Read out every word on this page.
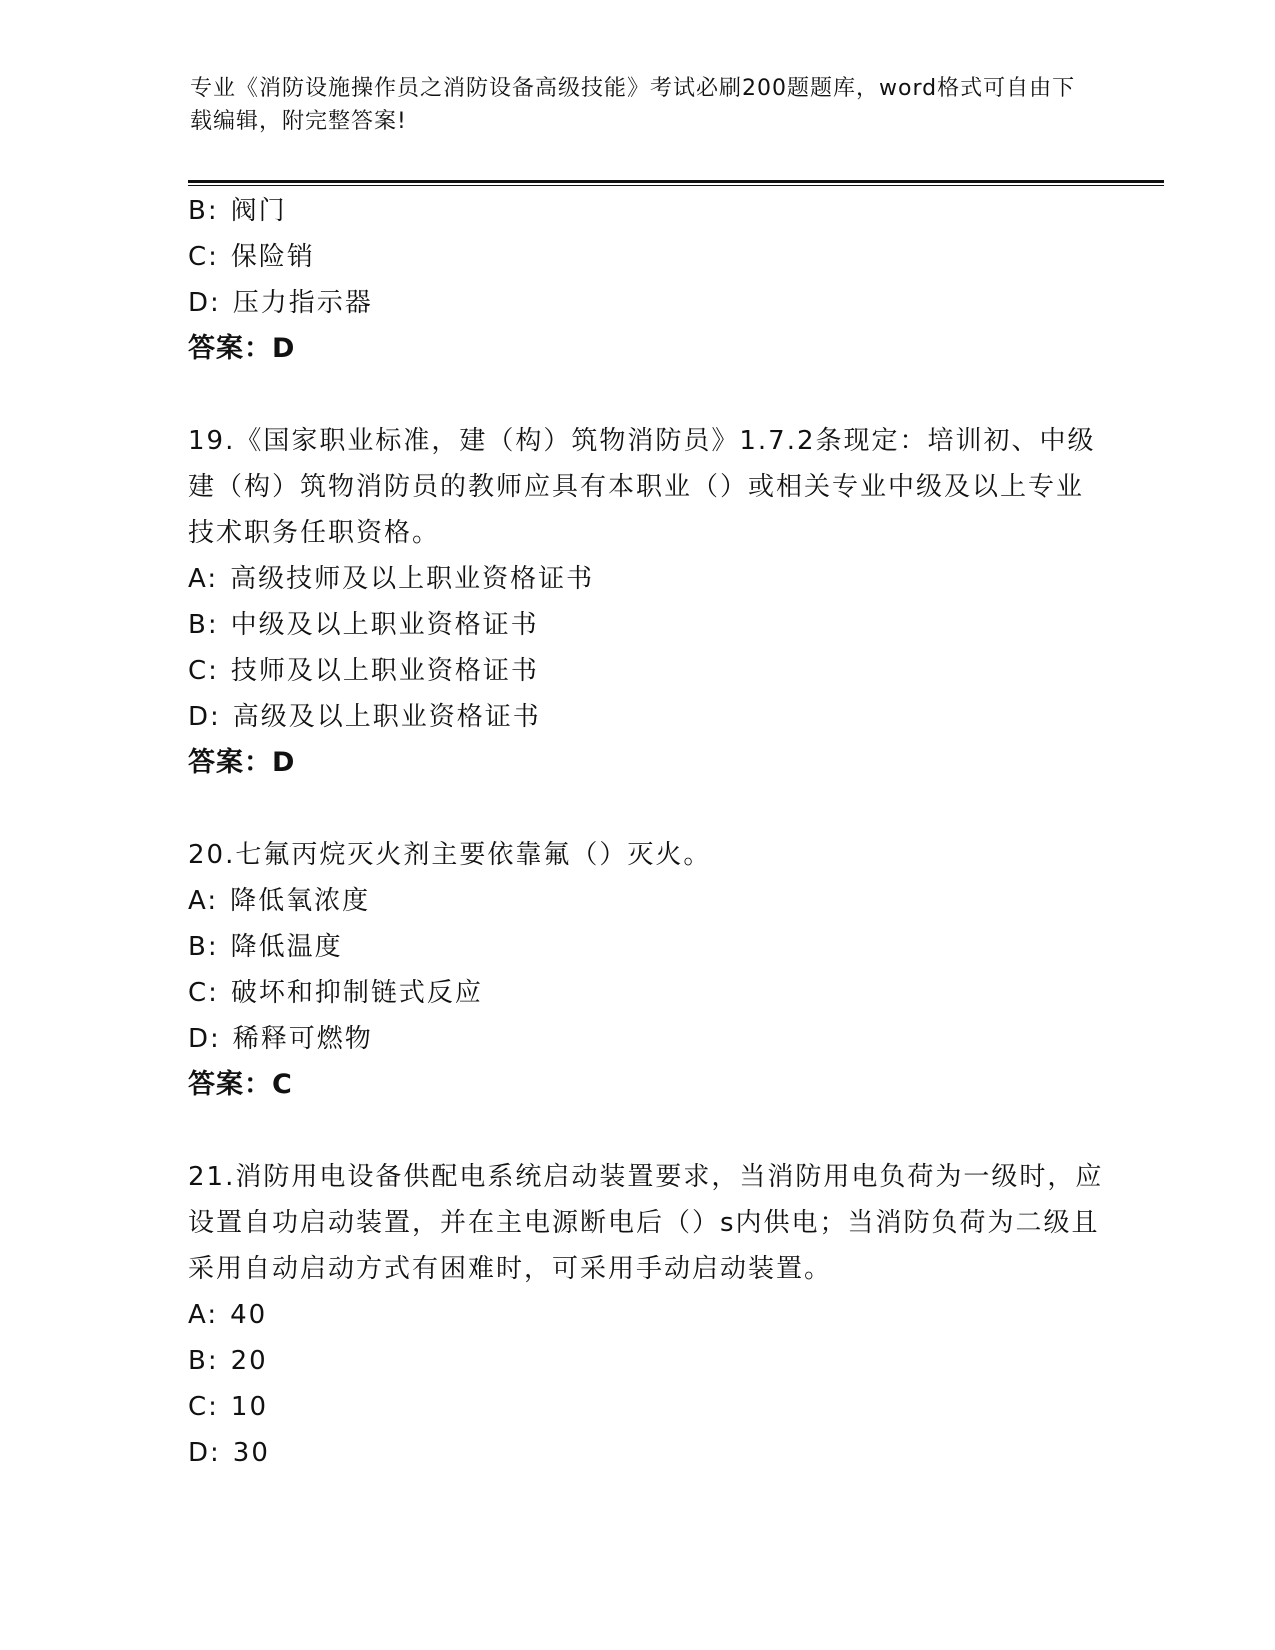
专业《消防设施操作员之消防设备高级技能》考试必刷200题题库，word格式可自由下载编辑，附完整答案!
B: 阀门
C: 保险销
D: 压力指示器
答案：D
19.《国家职业标准，建（构）筑物消防员》1.7.2条现定：培训初、中级建（构）筑物消防员的教师应具有本职业（）或相关专业中级及以上专业技术职务任职资格。
A: 高级技师及以上职业资格证书
B: 中级及以上职业资格证书
C: 技师及以上职业资格证书
D: 高级及以上职业资格证书
答案：D
20.七氟丙烷灭火剂主要依靠氟（）灭火。
A: 降低氧浓度
B: 降低温度
C: 破坏和抑制链式反应
D: 稀释可燃物
答案：C
21.消防用电设备供配电系统启动装置要求，当消防用电负荷为一级时，应设置自功启动装置，并在主电源断电后（）s内供电；当消防负荷为二级且采用自动启动方式有困难时，可采用手动启动装置。
A: 40
B: 20
C: 10
D: 30
